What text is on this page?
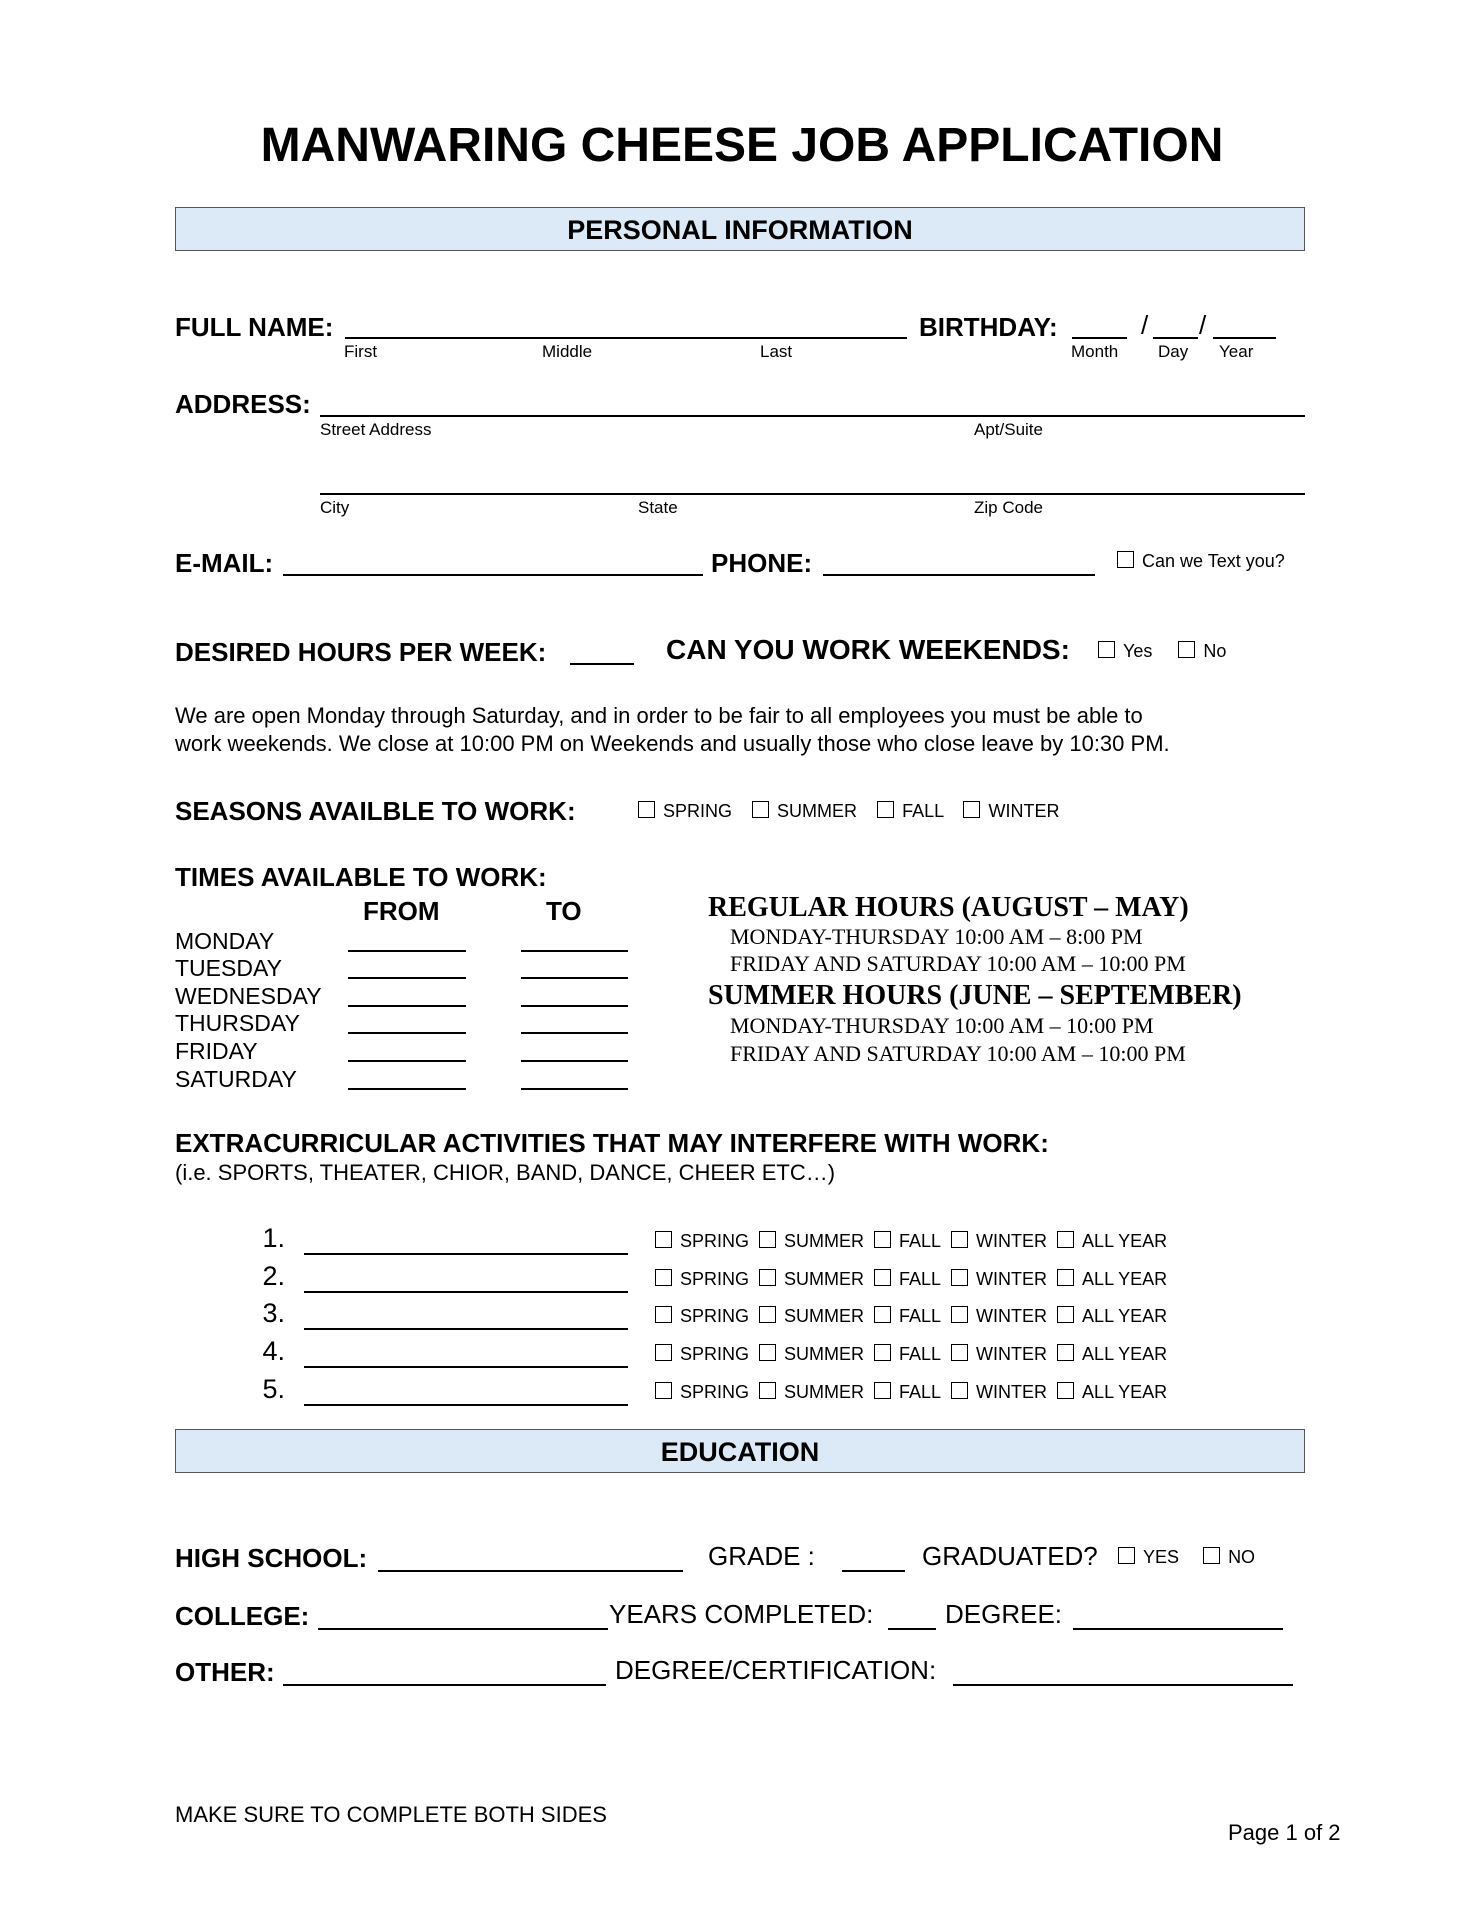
MANWARING CHEESE JOB APPLICATION
PERSONAL INFORMATION
FULL NAME:
First	Middle	Last
BIRTHDAY:	/ /
Month Day Year
ADDRESS:
Street Address	Apt/Suite
City	State	Zip Code
E-MAIL:	PHONE:	Can we Text you?
DESIRED HOURS PER WEEK:	CAN YOU WORK WEEKENDS:	Yes	No
We are open Monday through Saturday, and in order to be fair to all employees you must be able to
work weekends. We close at 10:00 PM on Weekends and usually those who close leave by 10:30 PM.
SEASONS AVAILBLE TO WORK:	SPRING	SUMMER	FALL	WINTER
TIMES AVAILABLE TO WORK:
FROM	TO
MONDAY
TUESDAY
WEDNESDAY
THURSDAY
FRIDAY
SATURDAY
REGULAR HOURS (AUGUST – MAY)
MONDAY-THURSDAY 10:00 AM – 8:00 PM
FRIDAY AND SATURDAY 10:00 AM – 10:00 PM
SUMMER HOURS (JUNE – SEPTEMBER)
MONDAY-THURSDAY 10:00 AM – 10:00 PM
FRIDAY AND SATURDAY 10:00 AM – 10:00 PM
EXTRACURRICULAR ACTIVITIES THAT MAY INTERFERE WITH WORK:
(i.e. SPORTS, THEATER, CHIOR, BAND, DANCE, CHEER ETC…)
1.	SPRING SUMMER FALL WINTER ALL YEAR
2.	SPRING SUMMER FALL WINTER ALL YEAR
3.	SPRING SUMMER FALL WINTER ALL YEAR
4.	SPRING SUMMER FALL WINTER ALL YEAR
5.	SPRING SUMMER FALL WINTER ALL YEAR
EDUCATION
HIGH SCHOOL:	GRADE :	GRADUATED?	YES	NO
COLLEGE:	YEARS COMPLETED:	DEGREE:
OTHER:	DEGREE/CERTIFICATION:
MAKE SURE TO COMPLETE BOTH SIDES
Page 1 of 2
